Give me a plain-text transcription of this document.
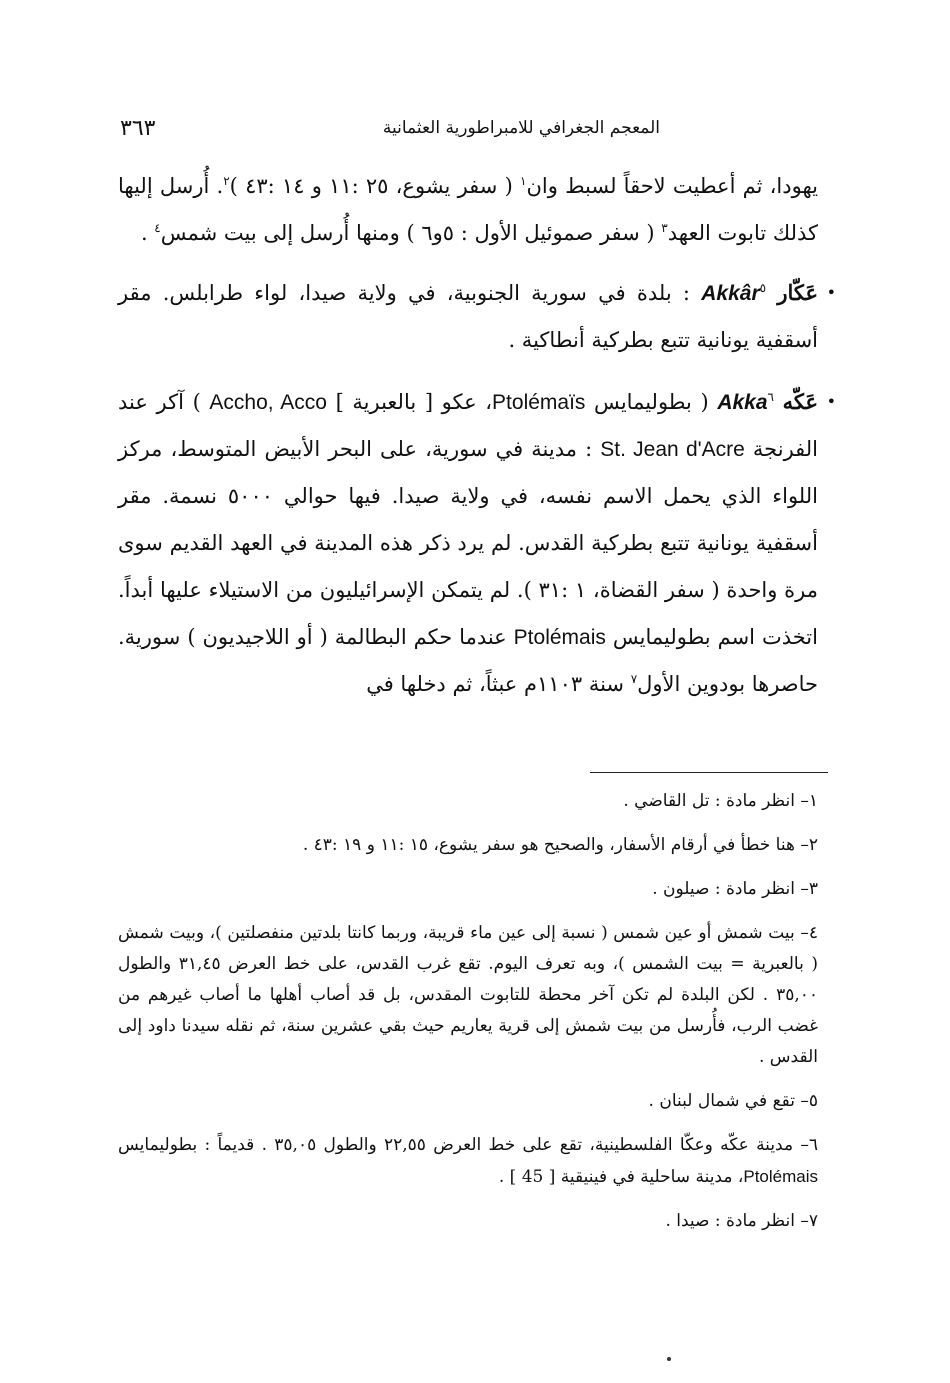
المعجم الجغرافي للامبراطورية العثمانية
٣٦٣

يهودا، ثم أعطيت لاحقاً لسبط وان$^١$ ( سفر يشوع، ٢٥ :١١ و ١٤ :٤٣ )$^٢$. أُرسل إليها كذلك تابوت العهد$^٣$ ( سفر صموئيل الأول : ٥و٦ ) ومنها أُرسل إلى بيت شمس$^٤$ .

•
عَكّار Akkâr$^٥$ : بلدة في سورية الجنوبية، في ولاية صيدا، لواء طرابلس. مقر أسقفية يونانية تتبع بطركية أنطاكية .
•
عَكّه Akka$^٦$ ( بطوليمايس Ptolémaïs، عكو [ بالعبرية ] Accho, Acco ) آكر عند الفرنجة St. Jean d'Acre : مدينة في سورية، على البحر الأبيض المتوسط، مركز اللواء الذي يحمل الاسم نفسه، في ولاية صيدا. فيها حوالي ٥٠٠٠ نسمة. مقر أسقفية يونانية تتبع بطركية القدس. لم يرد ذكر هذه المدينة في العهد القديم سوى مرة واحدة ( سفر القضاة، ١ :٣١ ). لم يتمكن الإسرائيليون من الاستيلاء عليها أبداً. اتخذت اسم بطوليمايس Ptolémais عندما حكم البطالمة ( أو اللاجيديون ) سورية. حاصرها بودوين الأول$^٧$ سنة ١١٠٣م عبثاً، ثم دخلها في

١– انظر مادة : تل القاضي .

٢– هنا خطأ في أرقام الأسفار، والصحيح هو سفر يشوع، ١٥ :١١ و ١٩ :٤٣ .

٣– انظر مادة : صيلون .

٤– بيت شمش أو عين شمس ( نسبة إلى عين ماء قريبة، وربما كانتا بلدتين منفصلتين )، وبيت شمش ( بالعبرية = بيت الشمس )، وبه تعرف اليوم. تقع غرب القدس، على خط العرض ٣١,٤٥ والطول ٣٥,٠٠ . لكن البلدة لم تكن آخر محطة للتابوت المقدس، بل قد أصاب أهلها ما أصاب غيرهم من غضب الرب، فأُرسل من بيت شمش إلى قرية يعاريم حيث بقي عشرين سنة، ثم نقله سيدنا داود إلى القدس .

٥– تقع في شمال لبنان .

٦– مدينة عكّه وعكّا الفلسطينية، تقع على خط العرض ٢٢,٥٥ والطول ٣٥,٠٥ . قديماً : بطوليمايس Ptolémais، مدينة ساحلية في فينيقية [ 45 ] .

٧– انظر مادة : صيدا .
